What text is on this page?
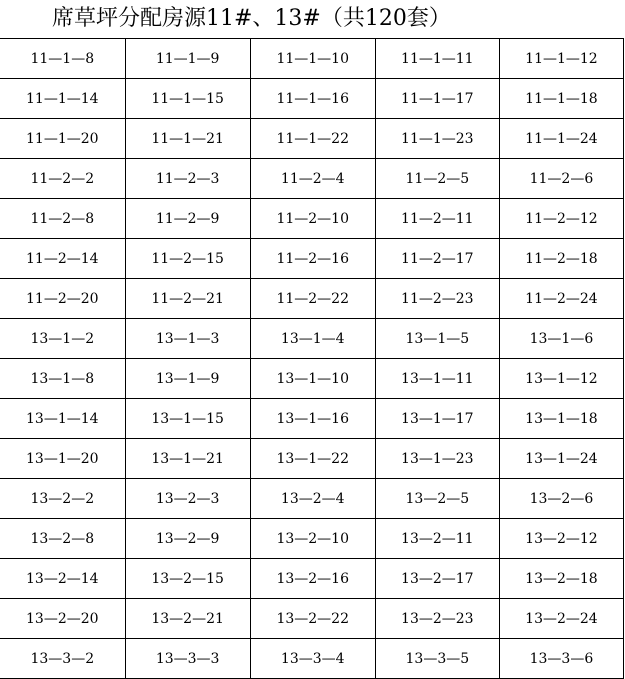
席草坪分配房源11#、13#（共120套）
11—1—8	11—1—9	11—1—10	11—1—11	11—1—12
11—1—14	11—1—15	11—1—16	11—1—17	11—1—18
11—1—20	11—1—21	11—1—22	11—1—23	11—1—24
11—2—2	11—2—3	11—2—4	11—2—5	11—2—6
11—2—8	11—2—9	11—2—10	11—2—11	11—2—12
11—2—14	11—2—15	11—2—16	11—2—17	11—2—18
11—2—20	11—2—21	11—2—22	11—2—23	11—2—24
13—1—2	13—1—3	13—1—4	13—1—5	13—1—6
13—1—8	13—1—9	13—1—10	13—1—11	13—1—12
13—1—14	13—1—15	13—1—16	13—1—17	13—1—18
13—1—20	13—1—21	13—1—22	13—1—23	13—1—24
13—2—2	13—2—3	13—2—4	13—2—5	13—2—6
13—2—8	13—2—9	13—2—10	13—2—11	13—2—12
13—2—14	13—2—15	13—2—16	13—2—17	13—2—18
13—2—20	13—2—21	13—2—22	13—2—23	13—2—24
13—3—2	13—3—3	13—3—4	13—3—5	13—3—6
